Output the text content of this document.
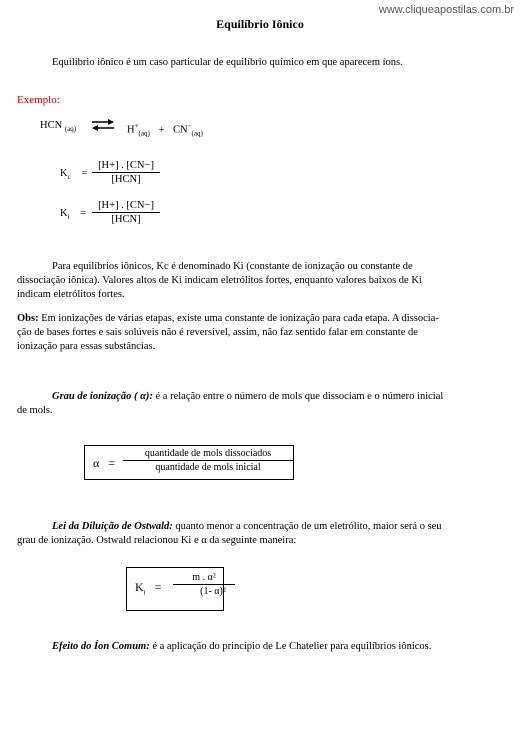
www.cliqueapostilas.com.br
Equilíbrio Iônico
Equilíbrio iônico é um caso particular de equilíbrio químico em que aparecem íons.
Exemplo:
HCN $_{(aq)}$ ⇌ $H^+_{(aq)} + CN^-_{(aq)}$
$K_c$ =
[H+] . [CN−]
[HCN]
$K_i$ =
[H+] . [CN−]
[HCN]
Para equilíbrios iônicos, Kc é denominado Ki (constante de ionização ou constante de
dissociação iônica). Valores altos de Ki indicam eletrólitos fortes, enquanto valores baixos de Ki
indicam eletrólitos fortes.
Obs: Em ionizações de várias etapas, existe uma constante de ionização para cada etapa. A dissocia-
ção de bases fortes e sais solúveis não é reversível, assim, não faz sentido falar em constante de
ionização para essas substâncias.
Grau de ionização ( α): é a relação entre o número de mols que dissociam e o número inicial
de mols.
α =
quantidade de mols dissociados
quantidade de mols inicial
Lei da Diluição de Ostwald: quanto menor a concentração de um eletrólito, maior será o seu
grau de ionização. Ostwald relacionou Ki e α da seguinte maneira:
$K_i = \frac{\text{m . α²}}{\text{(1- α)²}}$
Efeito do Íon Comum: é a aplicação do princípio de Le Chatelier para equilíbrios iônicos.
